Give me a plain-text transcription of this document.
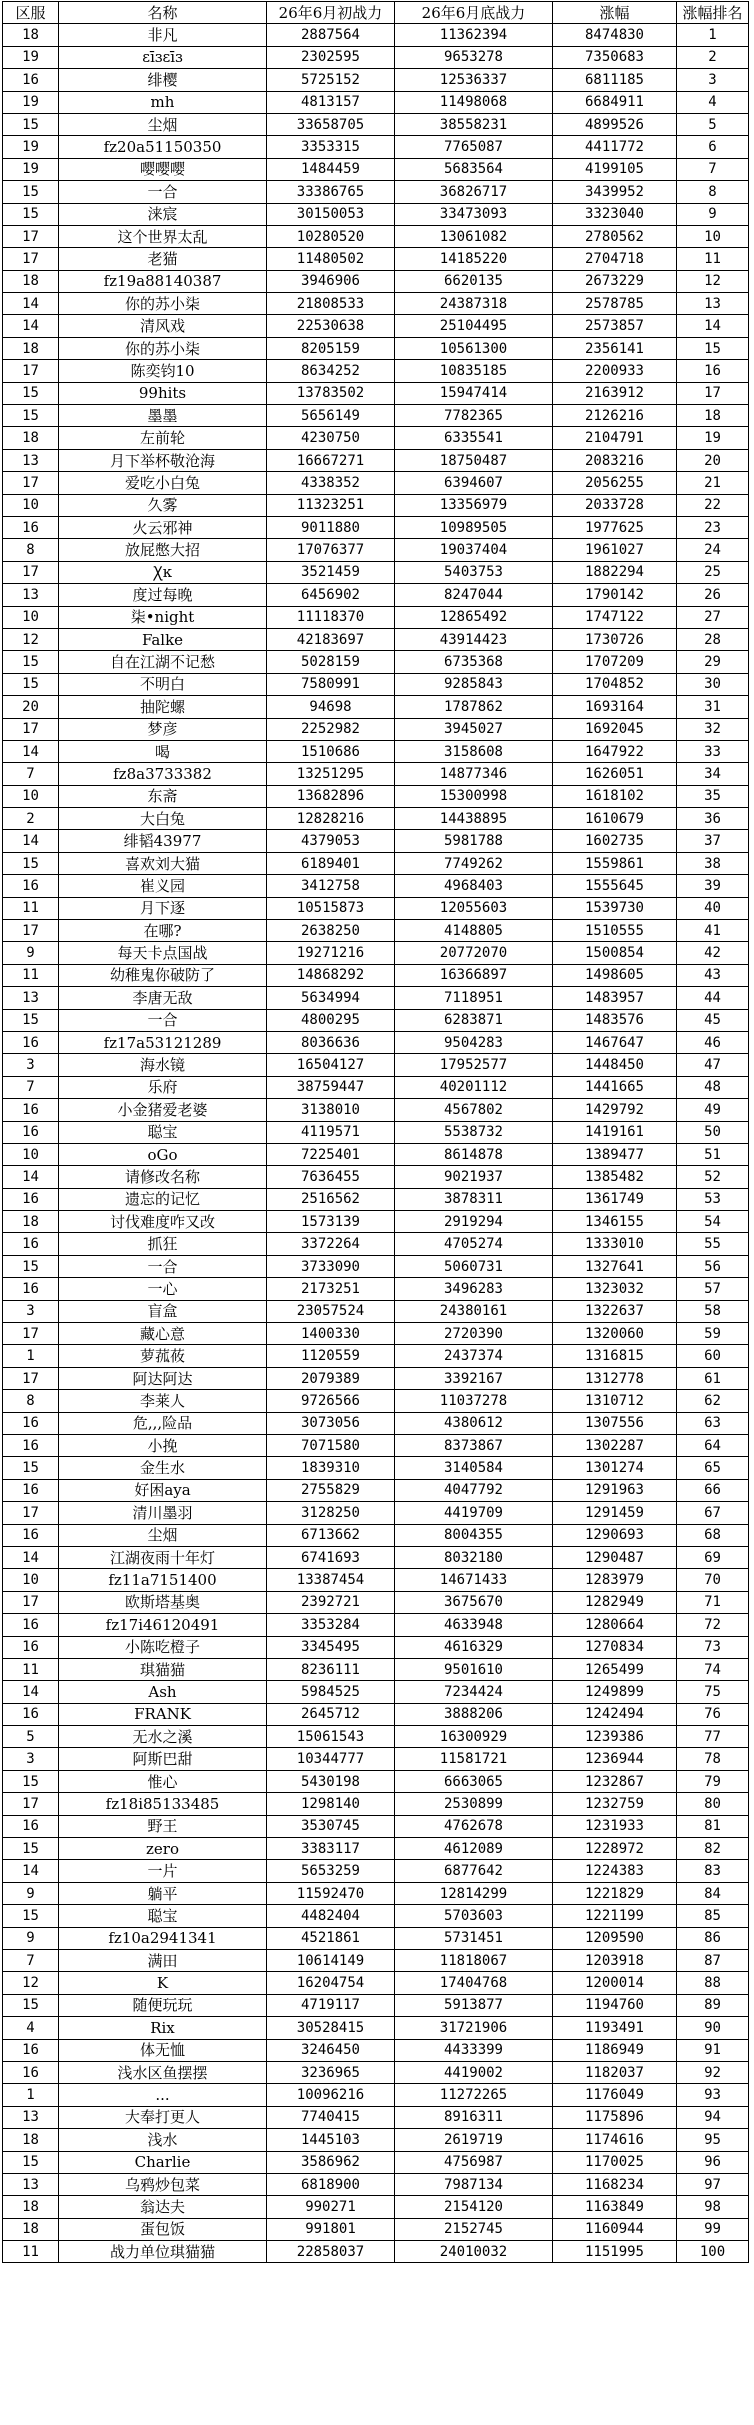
区服	名称	26年6月初战力	26年6月底战力	涨幅	涨幅排名
18	非凡	2887564	11362394	8474830	1
19	ɛīɜɛīɜ	2302595	9653278	7350683	2
16	绯樱	5725152	12536337	6811185	3
19	mh	4813157	11498068	6684911	4
15	尘烟	33658705	38558231	4899526	5
19	fz20a51150350	3353315	7765087	4411772	6
19	嘤嘤嘤	1484459	5683564	4199105	7
15	一合	33386765	36826717	3439952	8
15	涞宸	30150053	33473093	3323040	9
17	这个世界太乱	10280520	13061082	2780562	10
17	老猫	11480502	14185220	2704718	11
18	fz19a88140387	3946906	6620135	2673229	12
14	你的苏小柒	21808533	24387318	2578785	13
14	清风戏	22530638	25104495	2573857	14
18	你的苏小柒	8205159	10561300	2356141	15
17	陈奕钧10	8634252	10835185	2200933	16
15	99hits	13783502	15947414	2163912	17
15	墨墨	5656149	7782365	2126216	18
18	左前轮	4230750	6335541	2104791	19
13	月下举杯敬沧海	16667271	18750487	2083216	20
17	爱吃小白兔	4338352	6394607	2056255	21
10	久雾	11323251	13356979	2033728	22
16	火云邪神	9011880	10989505	1977625	23
8	放屁憋大招	17076377	19037404	1961027	24
17	Ꭓĸ	3521459	5403753	1882294	25
13	度过每晚	6456902	8247044	1790142	26
10	柒•night	11118370	12865492	1747122	27
12	Falke	42183697	43914423	1730726	28
15	自在江湖不记愁	5028159	6735368	1707209	29
15	不明白	7580991	9285843	1704852	30
20	抽陀螺	94698	1787862	1693164	31
17	梦彦	2252982	3945027	1692045	32
14	喝	1510686	3158608	1647922	33
7	fz8a3733382	13251295	14877346	1626051	34
10	东斋	13682896	15300998	1618102	35
2	大白兔	12828216	14438895	1610679	36
14	绯韬43977	4379053	5981788	1602735	37
15	喜欢刘大猫	6189401	7749262	1559861	38
16	崔义园	3412758	4968403	1555645	39
11	月下逐	10515873	12055603	1539730	40
17	在哪?	2638250	4148805	1510555	41
9	每天卡点国战	19271216	20772070	1500854	42
11	幼稚鬼你破防了	14868292	16366897	1498605	43
13	李唐无敌	5634994	7118951	1483957	44
15	一合	4800295	6283871	1483576	45
16	fz17a53121289	8036636	9504283	1467647	46
3	海水镜	16504127	17952577	1448450	47
7	乐府	38759447	40201112	1441665	48
16	小金猪爱老婆	3138010	4567802	1429792	49
16	聪宝	4119571	5538732	1419161	50
10	oGo	7225401	8614878	1389477	51
14	请修改名称	7636455	9021937	1385482	52
16	遗忘的记忆	2516562	3878311	1361749	53
18	讨伐难度咋又改	1573139	2919294	1346155	54
16	抓狂	3372264	4705274	1333010	55
15	一合	3733090	5060731	1327641	56
16	一心	2173251	3496283	1323032	57
3	盲盒	23057524	24380161	1322637	58
17	藏心意	1400330	2720390	1320060	59
1	萝菰莜	1120559	2437374	1316815	60
17	阿达阿达	2079389	3392167	1312778	61
8	李莱人	9726566	11037278	1310712	62
16	危,,,险品	3073056	4380612	1307556	63
16	小挽	7071580	8373867	1302287	64
15	金生水	1839310	3140584	1301274	65
16	好困aya	2755829	4047792	1291963	66
17	清川墨羽	3128250	4419709	1291459	67
16	尘烟	6713662	8004355	1290693	68
14	江湖夜雨十年灯	6741693	8032180	1290487	69
10	fz11a7151400	13387454	14671433	1283979	70
17	欧斯塔基奥	2392721	3675670	1282949	71
16	fz17i46120491	3353284	4633948	1280664	72
16	小陈吃橙子	3345495	4616329	1270834	73
11	琪猫猫	8236111	9501610	1265499	74
14	Ash	5984525	7234424	1249899	75
16	FRANK	2645712	3888206	1242494	76
5	无水之溪	15061543	16300929	1239386	77
3	阿斯巴甜	10344777	11581721	1236944	78
15	惟心	5430198	6663065	1232867	79
17	fz18i85133485	1298140	2530899	1232759	80
16	野王	3530745	4762678	1231933	81
15	zero	3383117	4612089	1228972	82
14	一片	5653259	6877642	1224383	83
9	躺平	11592470	12814299	1221829	84
15	聪宝	4482404	5703603	1221199	85
9	fz10a2941341	4521861	5731451	1209590	86
7	满田	10614149	11818067	1203918	87
12	K	16204754	17404768	1200014	88
15	随便玩玩	4719117	5913877	1194760	89
4	Rix	30528415	31721906	1193491	90
16	体无恤	3246450	4433399	1186949	91
16	浅水区鱼摆摆	3236965	4419002	1182037	92
1	...	10096216	11272265	1176049	93
13	大奉打更人	7740415	8916311	1175896	94
18	浅水	1445103	2619719	1174616	95
15	Charlie	3586962	4756987	1170025	96
13	乌鸦炒包菜	6818900	7987134	1168234	97
18	翁达夫	990271	2154120	1163849	98
18	蛋包饭	991801	2152745	1160944	99
11	战力单位琪猫猫	22858037	24010032	1151995	100
